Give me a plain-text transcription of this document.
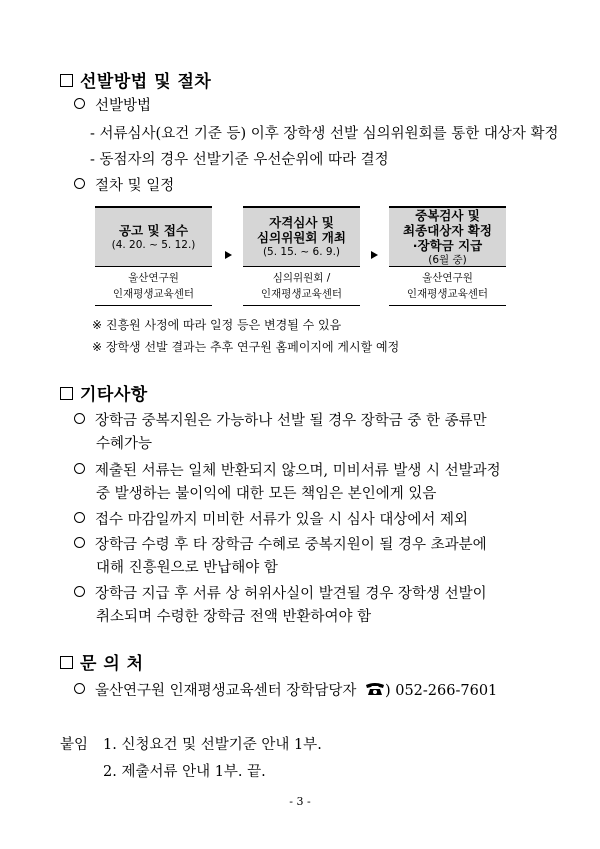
선발방법 및 절차
선발방법
- 서류심사(요건 기준 등) 이후 장학생 선발 심의위원회를 통한 대상자 확정
- 동점자의 경우 선발기준 우선순위에 따라 결정
절차 및 일정
공고 및 접수
(4. 20. ~ 5. 12.)
울산연구원
인재평생교육센터
자격심사 및
심의위원회 개최
(5. 15. ~ 6. 9.)
심의위원회 /
인재평생교육센터
중복검사 및
최종대상자 확정
·장학금 지급
(6월 중)
울산연구원
인재평생교육센터
※ 진흥원 사정에 따라 일정 등은 변경될 수 있음
※ 장학생 선발 결과는 추후 연구원 홈페이지에 게시할 예정
기타사항
장학금 중복지원은 가능하나 선발 될 경우 장학금 중 한 종류만
수혜가능
제출된 서류는 일체 반환되지 않으며, 미비서류 발생 시 선발과정
중 발생하는 불이익에 대한 모든 책임은 본인에게 있음
접수 마감일까지 미비한 서류가 있을 시 심사 대상에서 제외
장학금 수령 후 타 장학금 수혜로 중복지원이 될 경우 초과분에
대해 진흥원으로 반납해야 함
장학금 지급 후 서류 상 허위사실이 발견될 경우 장학생 선발이
취소되며 수령한 장학금 전액 반환하여야 함
문 의 처
울산연구원 인재평생교육센터 장학담당자 ) 052-266-7601
붙임 1. 신청요건 및 선발기준 안내 1부.
2. 제출서류 안내 1부. 끝.
- 3 -
